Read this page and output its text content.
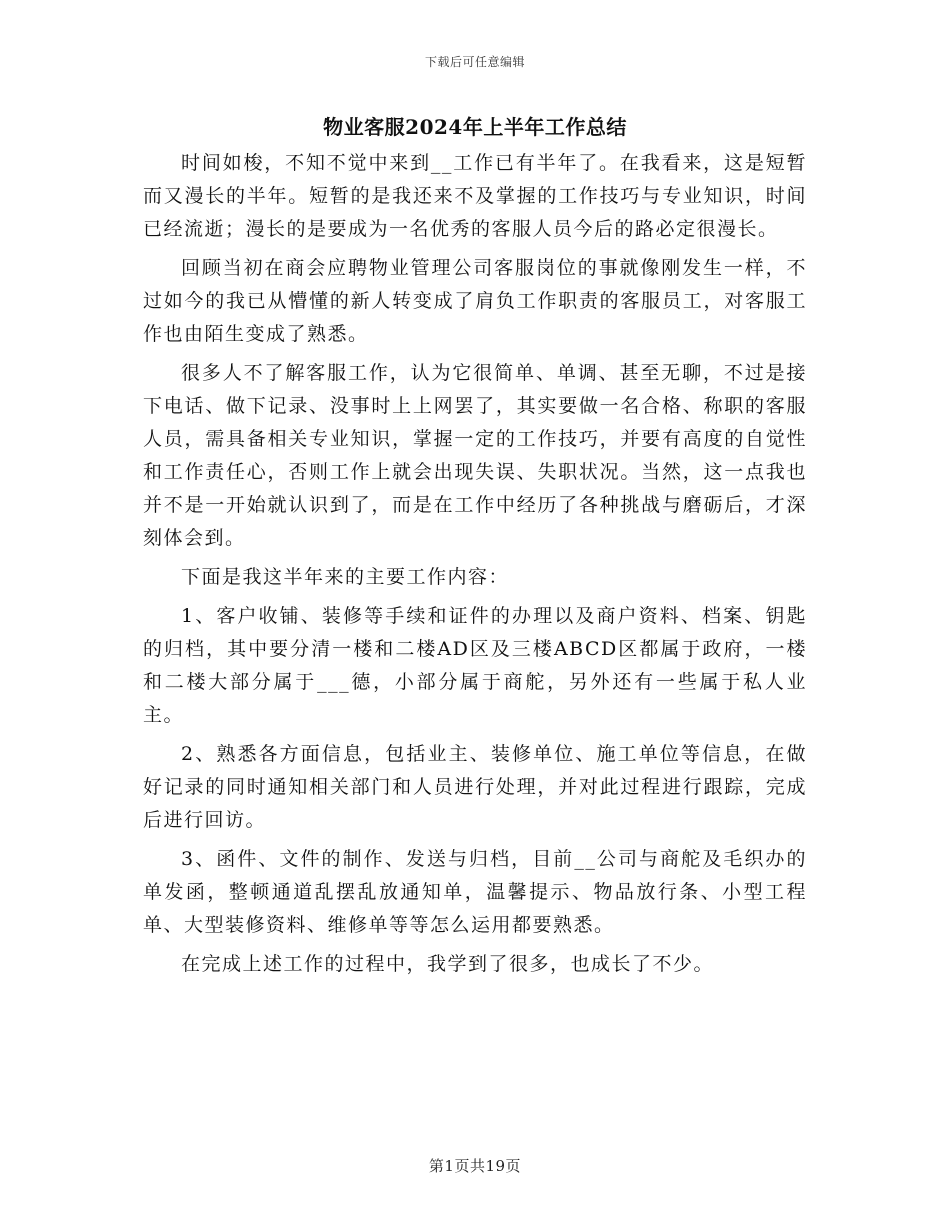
下载后可任意编辑
物业客服2024年上半年工作总结

时间如梭，不知不觉中来到__工作已有半年了。在我看来，这是短暂而又漫长的半年。短暂的是我还来不及掌握的工作技巧与专业知识，时间已经流逝；漫长的是要成为一名优秀的客服人员今后的路必定很漫长。

回顾当初在商会应聘物业管理公司客服岗位的事就像刚发生一样，不过如今的我已从懵懂的新人转变成了肩负工作职责的客服员工，对客服工作也由陌生变成了熟悉。

很多人不了解客服工作，认为它很简单、单调、甚至无聊，不过是接下电话、做下记录、没事时上上网罢了，其实要做一名合格、称职的客服人员，需具备相关专业知识，掌握一定的工作技巧，并要有高度的自觉性和工作责任心，否则工作上就会出现失误、失职状况。当然，这一点我也并不是一开始就认识到了，而是在工作中经历了各种挑战与磨砺后，才深刻体会到。

下面是我这半年来的主要工作内容：

1、客户收铺、装修等手续和证件的办理以及商户资料、档案、钥匙的归档，其中要分清一楼和二楼AD区及三楼ABCD区都属于政府，一楼和二楼大部分属于___德，小部分属于商舵，另外还有一些属于私人业主。

2、熟悉各方面信息，包括业主、装修单位、施工单位等信息，在做好记录的同时通知相关部门和人员进行处理，并对此过程进行跟踪，完成后进行回访。

3、函件、文件的制作、发送与归档，目前__公司与商舵及毛织办的单发函，整顿通道乱摆乱放通知单，温馨提示、物品放行条、小型工程单、大型装修资料、维修单等等怎么运用都要熟悉。

在完成上述工作的过程中，我学到了很多，也成长了不少。

第1页共19页
